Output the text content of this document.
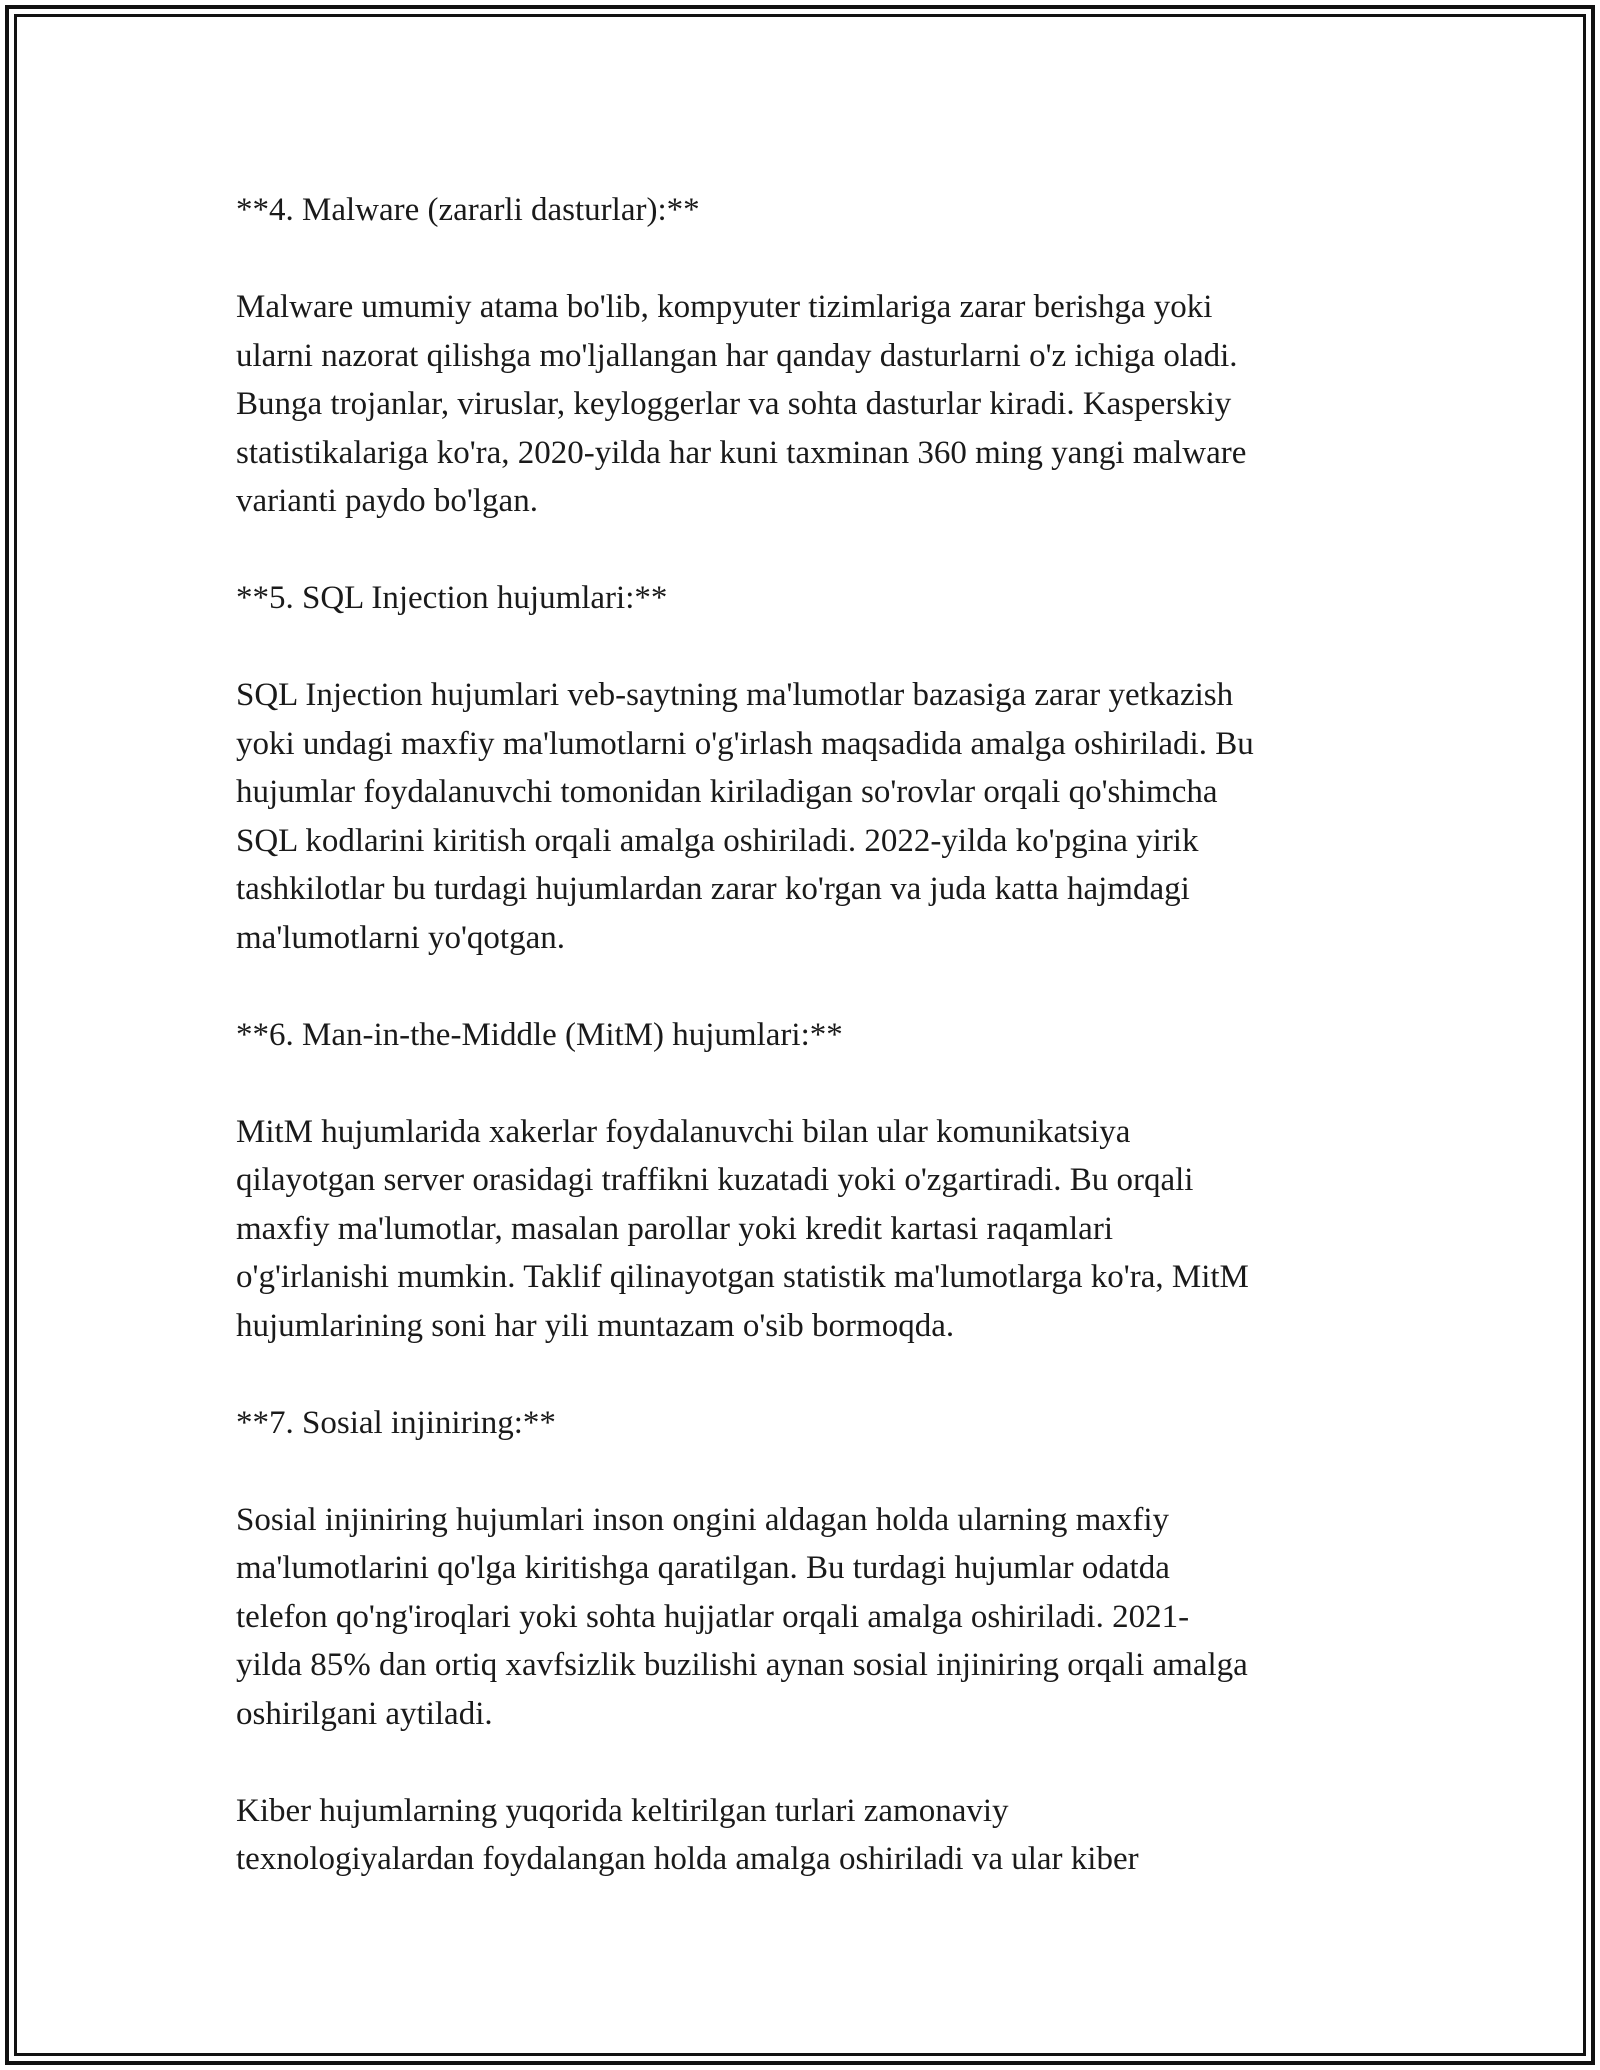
**4. Malware (zararli dasturlar):**

Malware umumiy atama bo'lib, kompyuter tizimlariga zarar berishga yoki
ularni nazorat qilishga mo'ljallangan har qanday dasturlarni o'z ichiga oladi.
Bunga trojanlar, viruslar, keyloggerlar va sohta dasturlar kiradi. Kasperskiy
statistikalariga ko'ra, 2020-yilda har kuni taxminan 360 ming yangi malware
varianti paydo bo'lgan.

**5. SQL Injection hujumlari:**

SQL Injection hujumlari veb-saytning ma'lumotlar bazasiga zarar yetkazish
yoki undagi maxfiy ma'lumotlarni o'g'irlash maqsadida amalga oshiriladi. Bu
hujumlar foydalanuvchi tomonidan kiriladigan so'rovlar orqali qo'shimcha
SQL kodlarini kiritish orqali amalga oshiriladi. 2022-yilda ko'pgina yirik
tashkilotlar bu turdagi hujumlardan zarar ko'rgan va juda katta hajmdagi
ma'lumotlarni yo'qotgan.

**6. Man-in-the-Middle (MitM) hujumlari:**

MitM hujumlarida xakerlar foydalanuvchi bilan ular komunikatsiya
qilayotgan server orasidagi traffikni kuzatadi yoki o'zgartiradi. Bu orqali
maxfiy ma'lumotlar, masalan parollar yoki kredit kartasi raqamlari
o'g'irlanishi mumkin. Taklif qilinayotgan statistik ma'lumotlarga ko'ra, MitM
hujumlarining soni har yili muntazam o'sib bormoqda.

**7. Sosial injiniring:**

Sosial injiniring hujumlari inson ongini aldagan holda ularning maxfiy
ma'lumotlarini qo'lga kiritishga qaratilgan. Bu turdagi hujumlar odatda
telefon qo'ng'iroqlari yoki sohta hujjatlar orqali amalga oshiriladi. 2021-
yilda 85% dan ortiq xavfsizlik buzilishi aynan sosial injiniring orqali amalga
oshirilgani aytiladi.

Kiber hujumlarning yuqorida keltirilgan turlari zamonaviy
texnologiyalardan foydalangan holda amalga oshiriladi va ular kiber
